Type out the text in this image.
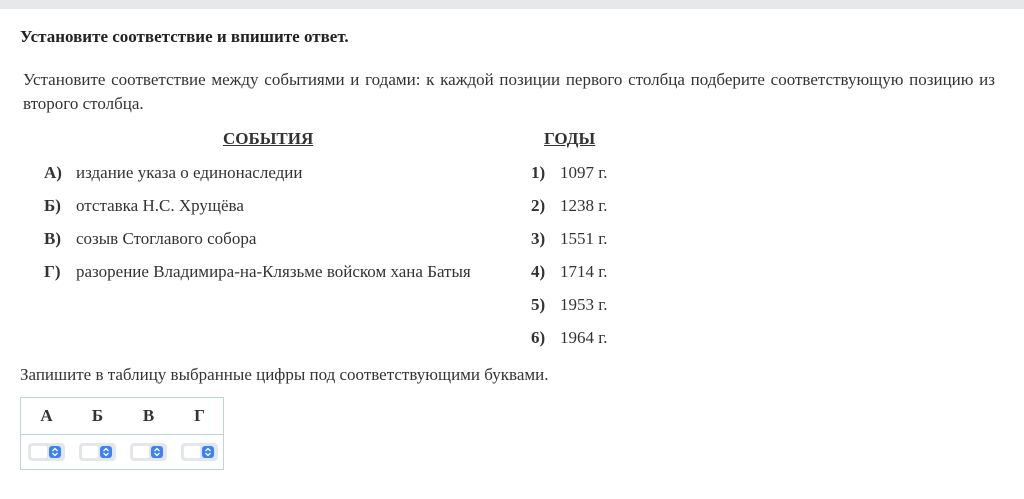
Установите соответствие и впишите ответ.
Установите соответствие между событиями и годами: к каждой позиции первого столбца подберите соответствующую позицию из второго столбца.
СОБЫТИЯ	ГОДЫ
А) издание указа о единонаследии
Б) отставка Н.С. Хрущёва
В) созыв Стоглавого собора
Г) разорение Владимира-на-Клязьме войском хана Батыя
1) 1097 г.
2) 1238 г.
3) 1551 г.
4) 1714 г.
5) 1953 г.
6) 1964 г.
Запишите в таблицу выбранные цифры под соответствующими буквами.
А	Б	В	Г
